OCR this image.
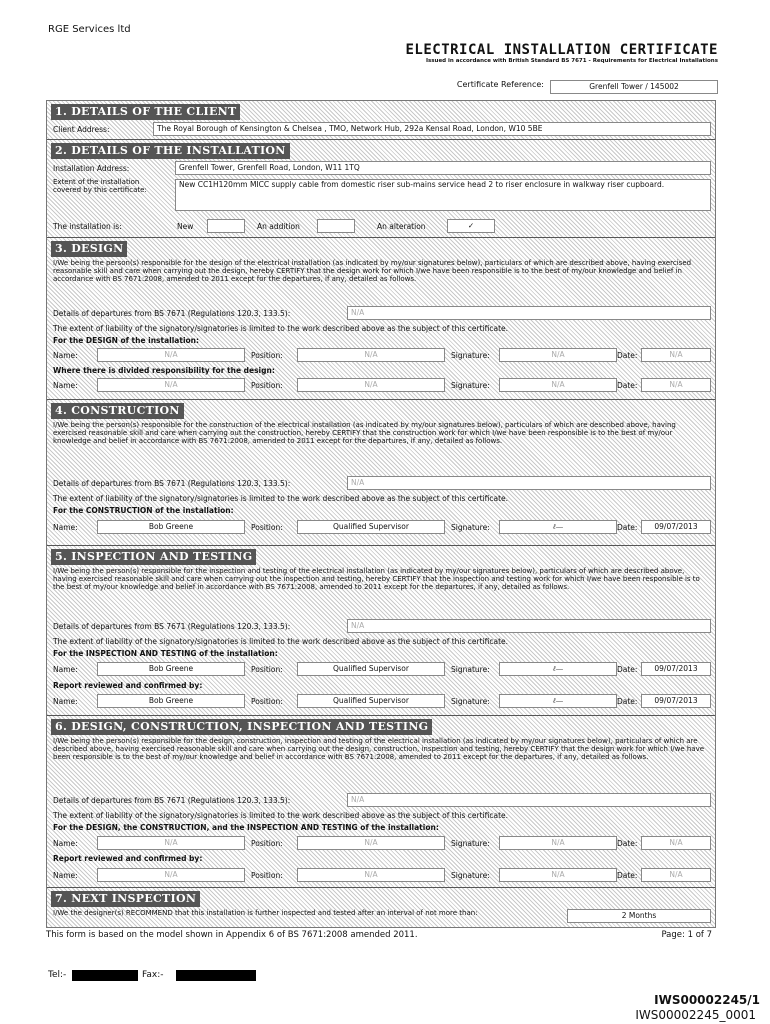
RGE Services ltd
ELECTRICAL INSTALLATION CERTIFICATE
Issued in accordance with British Standard BS 7671 - Requirements for Electrical Installations
Certificate Reference:	Grenfell Tower / 145002
1. DETAILS OF THE CLIENT
Client Address:	The Royal Borough of Kensington & Chelsea , TMO, Network Hub, 292a Kensal Road, London, W10 5BE
2. DETAILS OF THE INSTALLATION
Installation Address:	Grenfell Tower, Grenfell Road, London, W11 1TQ
Extent of the installation covered by this certificate:
New CC1H120mm MICC supply cable from domestic riser sub-mains service head 2 to riser enclosure in walkway riser cupboard.
The installation is:	New	An addition	An alteration	✓
3. DESIGN
I/We being the person(s) responsible for the design of the electrical installation (as indicated by my/our signatures below), particulars of which are described above, having exercised reasonable skill and care when carrying out the design, hereby CERTIFY that the design work for which I/we have been responsible is to the best of my/our knowledge and belief in accordance with BS 7671:2008, amended to 2011 except for the departures, if any, detailed as follows.
Details of departures from BS 7671 (Regulations 120.3, 133.5):	N/A
The extent of liability of the signatory/signatories is limited to the work described above as the subject of this certificate.
For the DESIGN of the installation:
Name:	N/A	Position:	N/A	Signature:	N/A	Date:	N/A
Where there is divided responsibility for the design:
Name:	N/A	Position:	N/A	Signature:	N/A	Date:	N/A
4. CONSTRUCTION
I/We being the person(s) responsible for the construction of the electrical installation (as indicated by my/our signatures below), particulars of which are described above, having exercised reasonable skill and care when carrying out the construction, hereby CERTIFY that the construction work for which I/we have been responsible is to the best of my/our knowledge and belief in accordance with BS 7671:2008, amended to 2011 except for the departures, if any, detailed as follows.
Details of departures from BS 7671 (Regulations 120.3, 133.5):	N/A
The extent of liability of the signatory/signatories is limited to the work described above as the subject of this certificate.
For the CONSTRUCTION of the installation:
Name:	Bob Greene	Position:	Qualified Supervisor	Signature:	ℓ—	Date:	09/07/2013
5. INSPECTION AND TESTING
I/We being the person(s) responsible for the inspection and testing of the electrical installation (as indicated by my/our signatures below), particulars of which are described above, having exercised reasonable skill and care when carrying out the inspection and testing, hereby CERTIFY that the inspection and testing work for which I/we have been responsible is to the best of my/our knowledge and belief in accordance with BS 7671:2008, amended to 2011 except for the departures, if any, detailed as follows.
Details of departures from BS 7671 (Regulations 120.3, 133.5):	N/A
The extent of liability of the signatory/signatories is limited to the work described above as the subject of this certificate.
For the INSPECTION AND TESTING of the installation:
Name:	Bob Greene	Position:	Qualified Supervisor	Signature:	ℓ—	Date:	09/07/2013
Report reviewed and confirmed by:
Name:	Bob Greene	Position:	Qualified Supervisor	Signature:	ℓ—	Date:	09/07/2013
6. DESIGN, CONSTRUCTION, INSPECTION AND TESTING
I/We being the person(s) responsible for the design, construction, inspection and testing of the electrical installation (as indicated by my/our signatures below), particulars of which are described above, having exercised reasonable skill and care when carrying out the design, construction, inspection and testing, hereby CERTIFY that the design work for which I/we have been responsible is to the best of my/our knowledge and belief in accordance with BS 7671:2008, amended to 2011 except for the departures, if any, detailed as follows.
Details of departures from BS 7671 (Regulations 120.3, 133.5):	N/A
The extent of liability of the signatory/signatories is limited to the work described above as the subject of this certificate.
For the DESIGN, the CONSTRUCTION, and the INSPECTION AND TESTING of the installation:
Name:	N/A	Position:	N/A	Signature:	N/A	Date:	N/A
Report reviewed and confirmed by:
Name:	N/A	Position:	N/A	Signature:	N/A	Date:	N/A
7. NEXT INSPECTION
I/We the designer(s) RECOMMEND that this installation is further inspected and tested after an interval of not more than:	2 Months
This form is based on the model shown in Appendix 6 of BS 7671:2008 amended 2011.	Page: 1 of 7
Tel:-	Fax:-
IWS00002245/1
IWS00002245_0001
